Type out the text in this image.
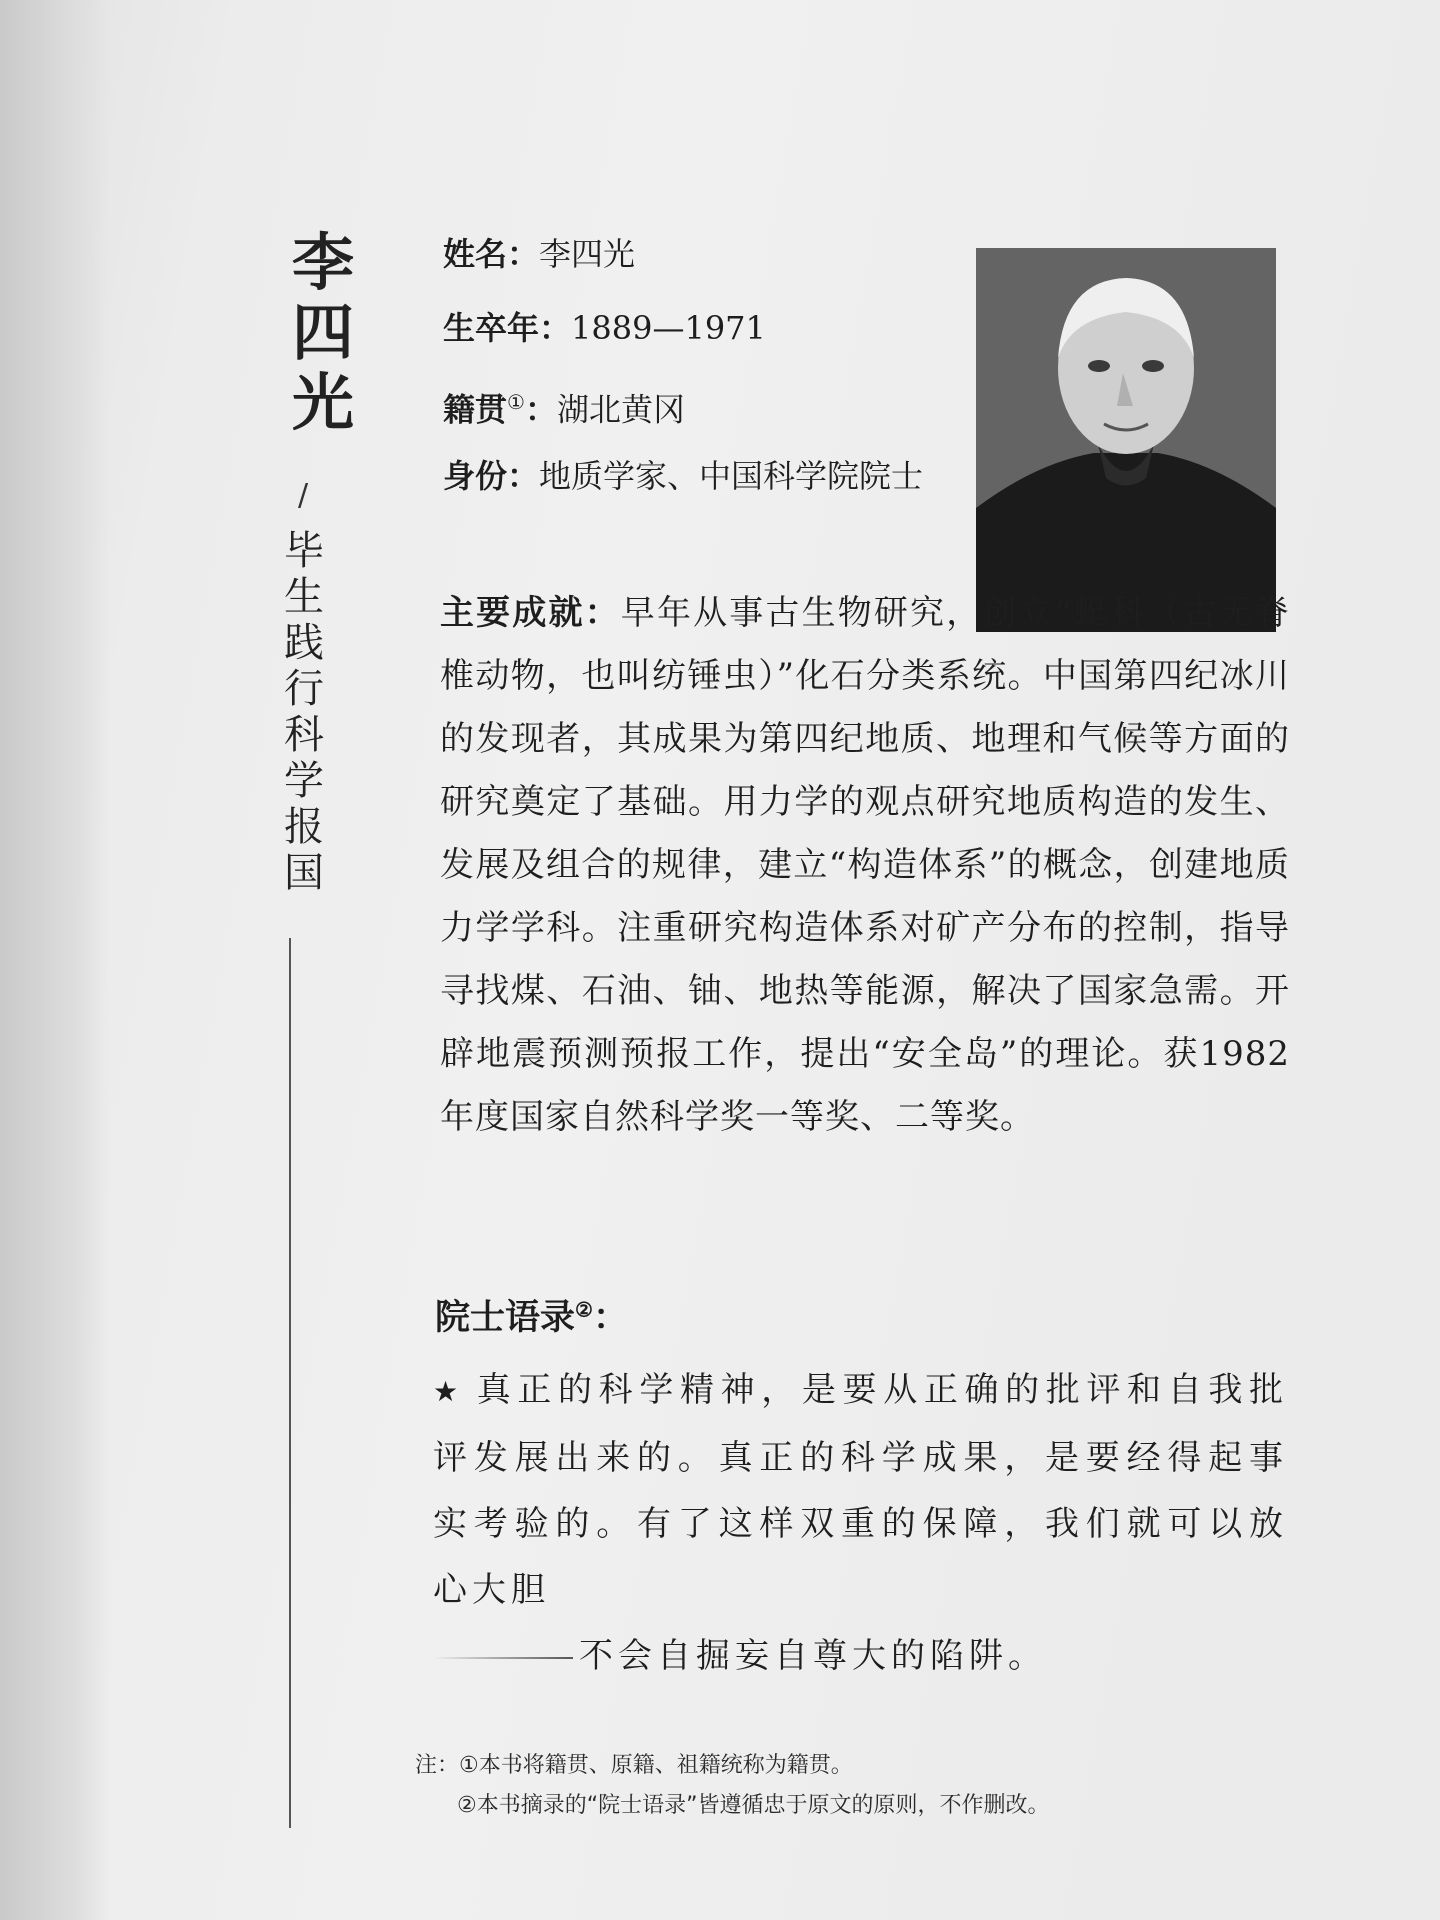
李
四
光
/
毕
生
践
行
科
学
报
国
姓名：李四光
生卒年：1889—1971
籍贯①：湖北黄冈
身份：地质学家、中国科学院院士
主要成就：早年从事古生物研究，创立“蜓科（古无脊椎动物，也叫纺锤虫）”化石分类系统。中国第四纪冰川的发现者，其成果为第四纪地质、地理和气候等方面的研究奠定了基础。用力学的观点研究地质构造的发生、发展及组合的规律，建立“构造体系”的概念，创建地质力学学科。注重研究构造体系对矿产分布的控制，指导寻找煤、石油、铀、地热等能源，解决了国家急需。开辟地震预测预报工作，提出“安全岛”的理论。获1982年度国家自然科学奖一等奖、二等奖。
院士语录②：
★ 真正的科学精神，是要从正确的批评和自我批评发展出来的。真正的科学成果，是要经得起事实考验的。有了这样双重的保障，我们就可以放心大胆
不会自掘妄自尊大的陷阱。
注：①本书将籍贯、原籍、祖籍统称为籍贯。
②本书摘录的“院士语录”皆遵循忠于原文的原则，不作删改。
